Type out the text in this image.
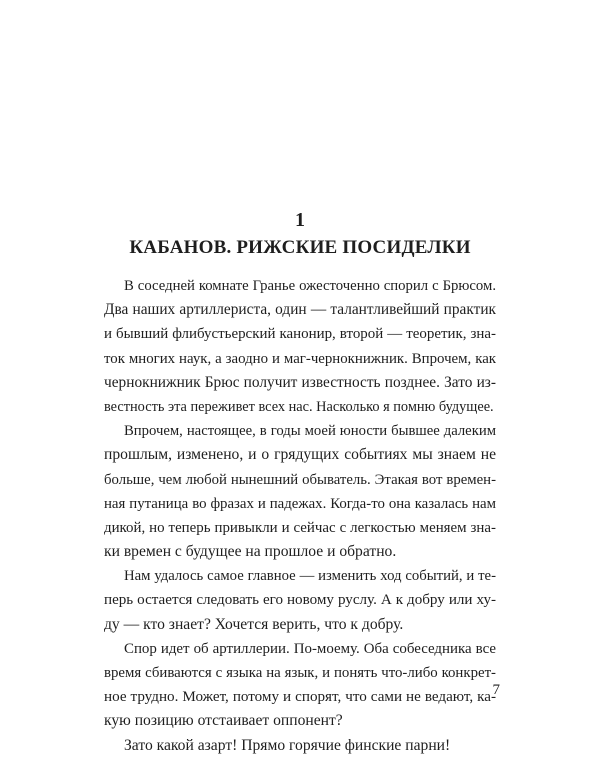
1
КАБАНОВ. РИЖСКИЕ ПОСИДЕЛКИ
В соседней комнате Гранье ожесточенно спорил с Брюсом.
Два наших артиллериста, один — талантливейший практик
и бывший флибустьерский канонир, второй — теоретик, зна-
ток многих наук, а заодно и маг-чернокнижник. Впрочем, как
чернокнижник Брюс получит известность позднее. Зато из-
вестность эта переживет всех нас. Насколько я помню будущее.
Впрочем, настоящее, в годы моей юности бывшее далеким
прошлым, изменено, и о грядущих событиях мы знаем не
больше, чем любой нынешний обыватель. Этакая вот времен-
ная путаница во фразах и падежах. Когда-то она казалась нам
дикой, но теперь привыкли и сейчас с легкостью меняем зна-
ки времен с будущее на прошлое и обратно.
Нам удалось самое главное — изменить ход событий, и те-
перь остается следовать его новому руслу. А к добру или ху-
ду — кто знает? Хочется верить, что к добру.
Спор идет об артиллерии. По-моему. Оба собеседника все
время сбиваются с языка на язык, и понять что-либо конкрет-
ное трудно. Может, потому и спорят, что сами не ведают, ка-
кую позицию отстаивает оппонент?
Зато какой азарт! Прямо горячие финские парни!
7
